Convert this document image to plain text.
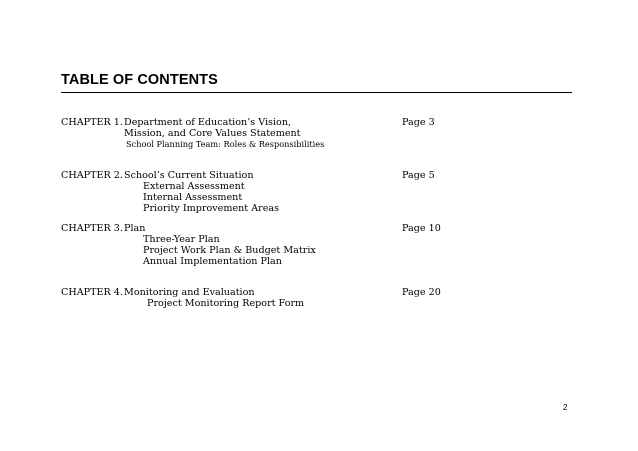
TABLE OF CONTENTS
CHAPTER 1. Department of Education’s Vision,	Page 3
Mission, and Core Values Statement
School Planning Team: Roles & Responsibilities
CHAPTER 2. School’s Current Situation	Page 5
External Assessment
Internal Assessment
Priority Improvement Areas
CHAPTER 3. Plan	Page 10
Three-Year Plan
Project Work Plan & Budget Matrix
Annual Implementation Plan
CHAPTER 4. Monitoring and Evaluation	Page 20
Project Monitoring Report Form
2
